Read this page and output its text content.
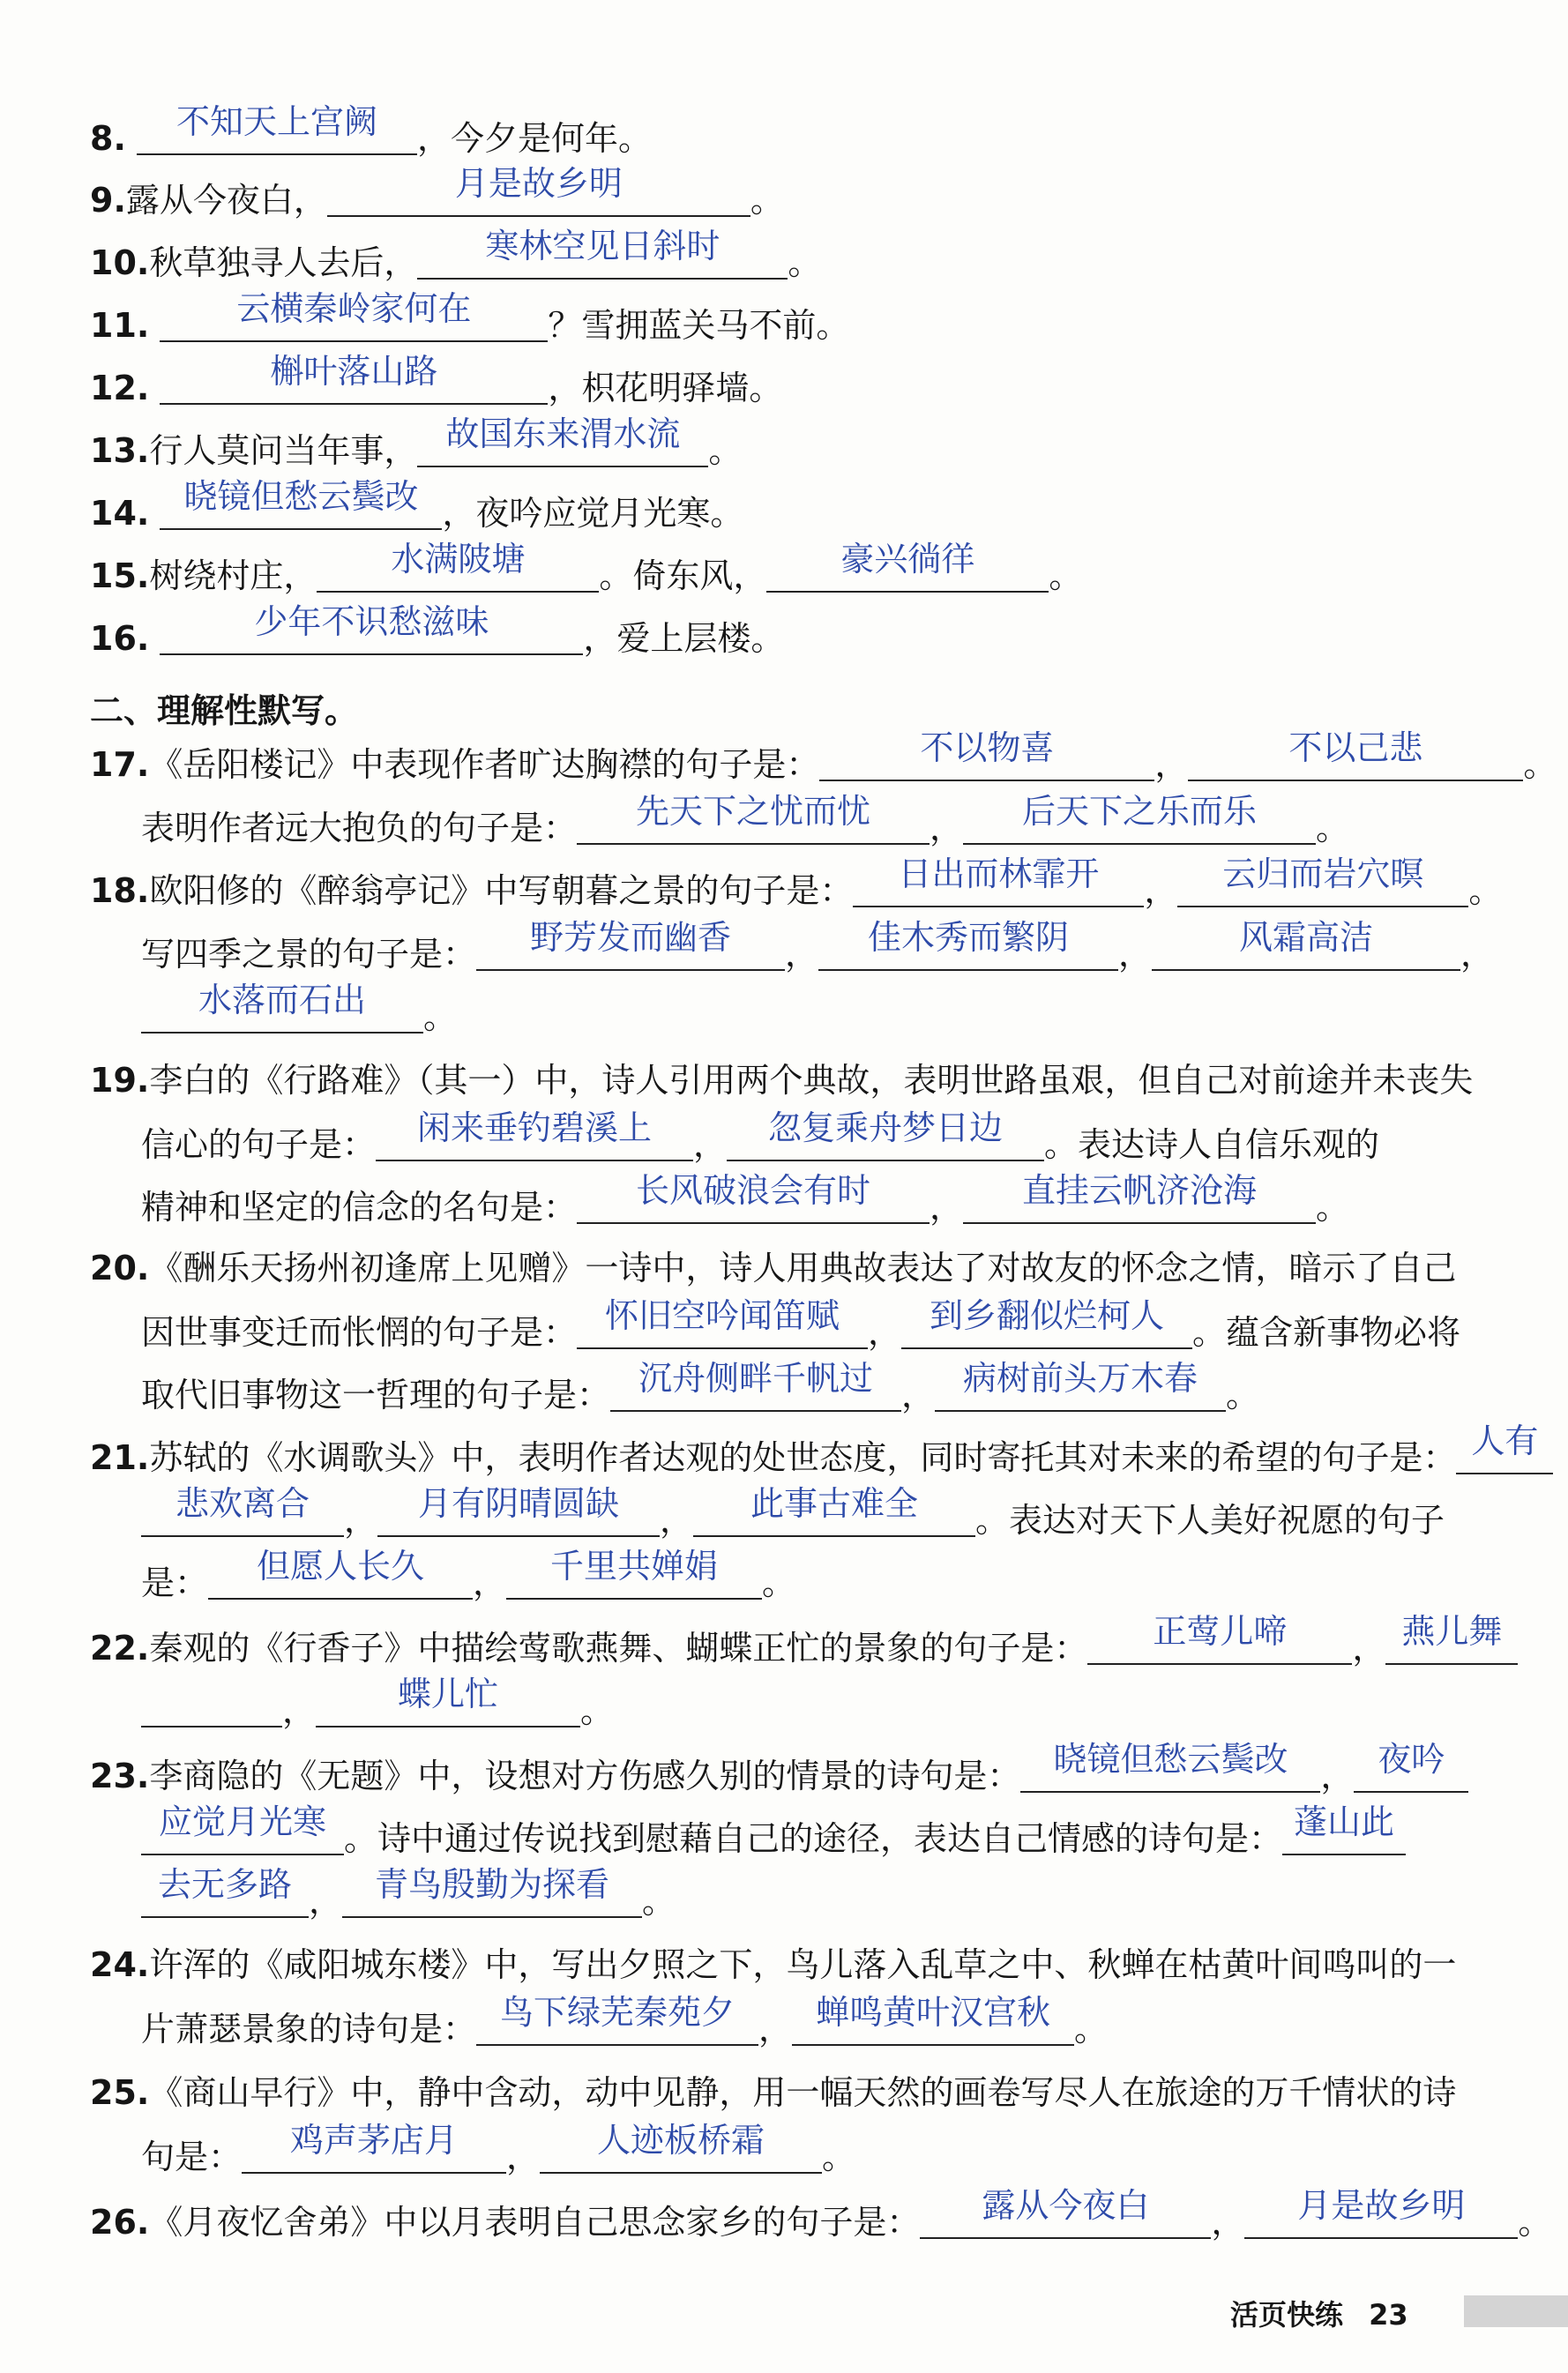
8.	不知天上宫阙	，今夕是何年。
9.露从今夜白，	月是故乡明	。
10.秋草独寻人去后，	寒林空见日斜时	。
11.	云横秦岭家何在	？雪拥蓝关马不前。
12.	槲叶落山路	，枳花明驿墙。
13.行人莫问当年事， 故国东来渭水流 。
14.	晓镜但愁云鬓改 ，夜吟应觉月光寒。
15.树绕村庄，	水满陂塘	。倚东风，	豪兴徜徉	。
16.	少年不识愁滋味	，爱上层楼。
二、理解性默写。
17.《岳阳楼记》中表现作者旷达胸襟的句子是：	不以物喜	，	不以己悲	。
表明作者远大抱负的句子是：	先天下之忧而忧	，	后天下之乐而乐	。
18.欧阳修的《醉翁亭记》中写朝暮之景的句子是：	日出而林霏开	，	云归而岩穴暝	。
写四季之景的句子是：	野芳发而幽香	，	佳木秀而繁阴	，	风霜高洁	，
水落而石出	。
19.李白的《行路难》（其一）中，诗人引用两个典故，表明世路虽艰，但自己对前途并未丧失
信心的句子是：	闲来垂钓碧溪上	，	忽复乘舟梦日边	。表达诗人自信乐观的
精神和坚定的信念的名句是：	长风破浪会有时	，	直挂云帆济沧海	。
20.《酬乐天扬州初逢席上见赠》一诗中，诗人用典故表达了对故友的怀念之情，暗示了自己
因世事变迁而怅惘的句子是： 怀旧空吟闻笛赋 ， 到乡翻似烂柯人 。蕴含新事物必将
取代旧事物这一哲理的句子是： 沉舟侧畔千帆过 ， 病树前头万木春 。
21.苏轼的《水调歌头》中，表明作者达观的处世态度，同时寄托其对未来的希望的句子是： 人有
悲欢离合	，	月有阴晴圆缺	，	此事古难全	。表达对天下人美好祝愿的句子
是：	但愿人长久	，	千里共婵娟	。
22.秦观的《行香子》中描绘莺歌燕舞、蝴蝶正忙的景象的句子是：	正莺儿啼	， 燕儿舞
，	蝶儿忙	。
23.李商隐的《无题》中，设想对方伤感久别的情景的诗句是： 晓镜但愁云鬓改 ， 夜吟
应觉月光寒 。诗中通过传说找到慰藉自己的途径，表达自己情感的诗句是： 蓬山此
去无多路 ， 青鸟殷勤为探看 。
24.许浑的《咸阳城东楼》中，写出夕照之下，鸟儿落入乱草之中、秋蝉在枯黄叶间鸣叫的一
片萧瑟景象的诗句是： 鸟下绿芜秦苑夕 ， 蝉鸣黄叶汉宫秋 。
25.《商山早行》中，静中含动，动中见静，用一幅天然的画卷写尽人在旅途的万千情状的诗
句是：	鸡声茅店月	，	人迹板桥霜	。
26.《月夜忆舍弟》中以月表明自己思念家乡的句子是：	露从今夜白	，	月是故乡明	。
活页快练 23
